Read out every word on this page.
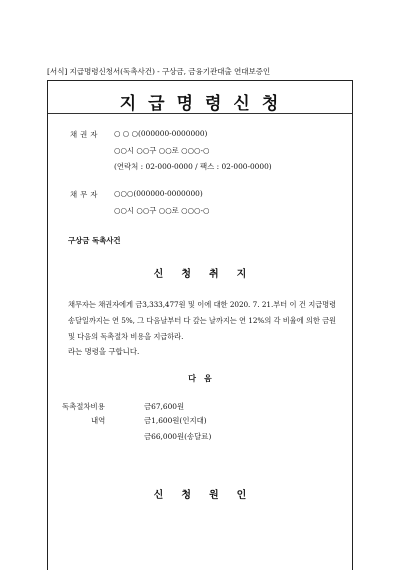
[서식] 지급명령신청서(독촉사건) - 구상금, 금융기관대출 연대보증인
지급명령신청
채권자 ○ ○ ○(000000-0000000)
○○시 ○○구 ○○로 ○○○-○
(연락처 : 02-000-0000 / 팩스 : 02-000-0000)
채무자 ○○○(000000-0000000)
○○시 ○○구 ○○로 ○○○-○
구상금 독촉사건
신청취지
채무자는 채권자에게 금3,333,477원 및 이에 대한 2020. 7. 21.부터 이 건 지급명령 송달일까지는 연 5%, 그 다음날부터 다 갚는 날까지는 연 12%의 각 비율에 의한 금원 및 다음의 독촉절차 비용을 지급하라.
라는 명령을 구합니다.
다음
독촉절차비용	금67,600원
내역	금1,600원(인지대)
금66,000원(송달료)
신청원인
